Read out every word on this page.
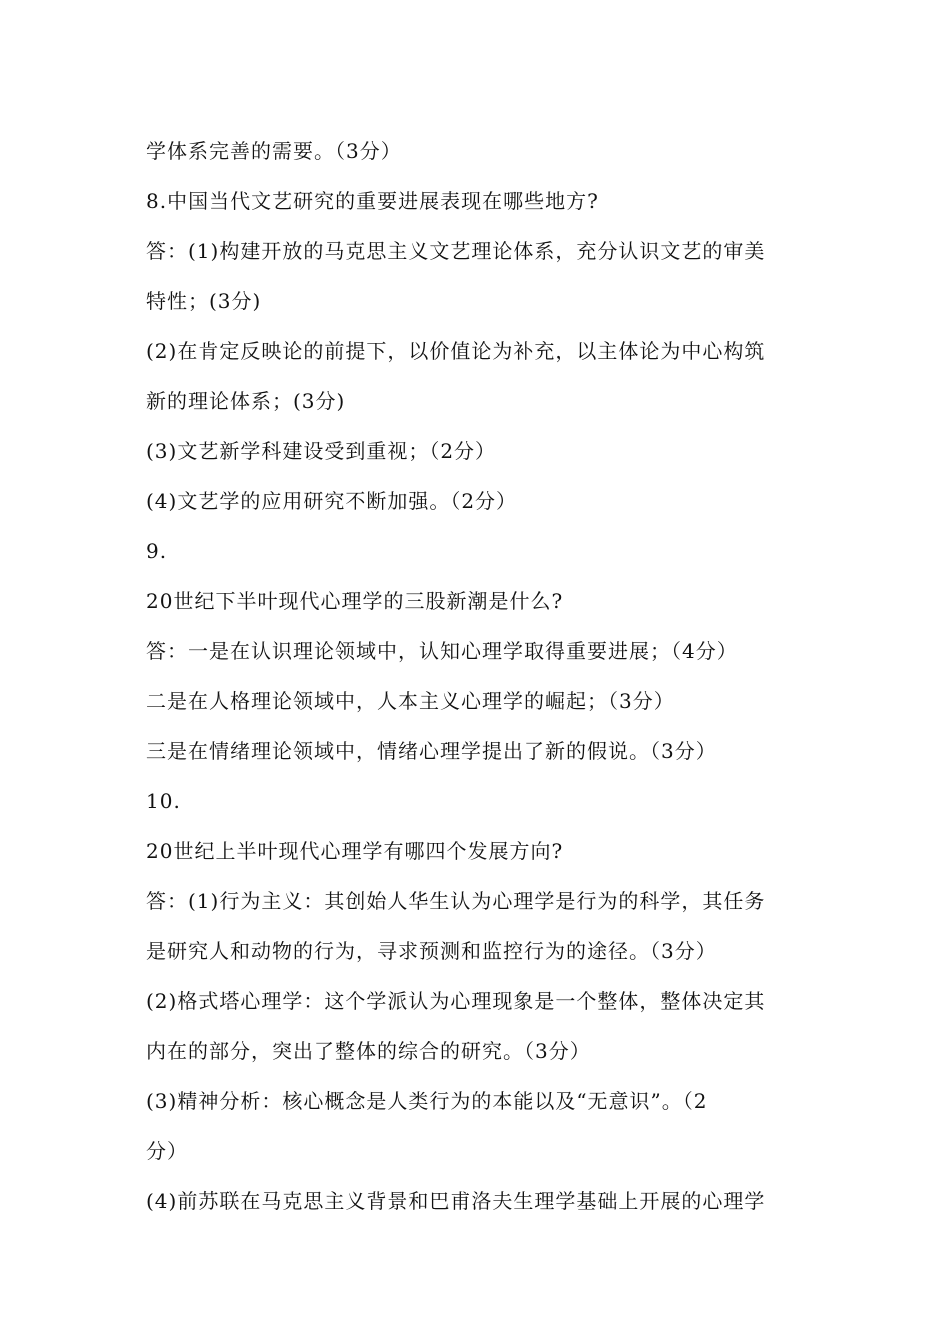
学体系完善的需要。（3分）
8.中国当代文艺研究的重要进展表现在哪些地方?
答：(1)构建开放的马克思主义文艺理论体系，充分认识文艺的审美
特性；(3分)
(2)在肯定反映论的前提下，以价值论为补充，以主体论为中心构筑
新的理论体系；(3分)
(3)文艺新学科建设受到重视；（2分）
(4)文艺学的应用研究不断加强。（2分）
9.
20世纪下半叶现代心理学的三股新潮是什么?
答：一是在认识理论领域中，认知心理学取得重要进展；（4分）
二是在人格理论领域中，人本主义心理学的崛起；（3分）
三是在情绪理论领域中，情绪心理学提出了新的假说。（3分）
10.
20世纪上半叶现代心理学有哪四个发展方向?
答：(1)行为主义：其创始人华生认为心理学是行为的科学，其任务
是研究人和动物的行为，寻求预测和监控行为的途径。（3分）
(2)格式塔心理学：这个学派认为心理现象是一个整体，整体决定其
内在的部分，突出了整体的综合的研究。（3分）
(3)精神分析：核心概念是人类行为的本能以及“无意识”。（2
分）
(4)前苏联在马克思主义背景和巴甫洛夫生理学基础上开展的心理学
